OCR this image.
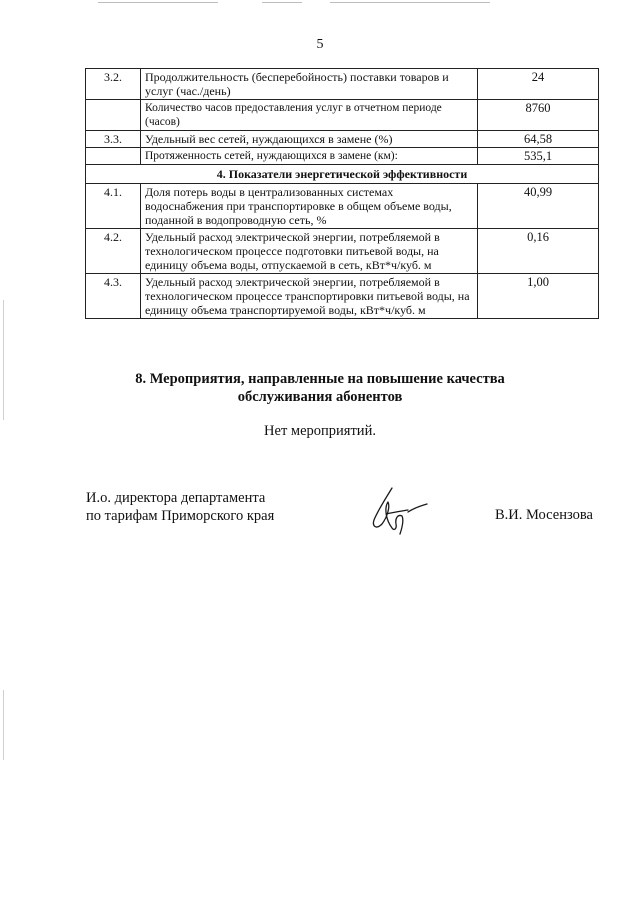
5
3.2.	Продолжительность (бесперебойность) поставки товаров и услуг (час./день)	24
	Количество часов предоставления услуг в отчетном периоде (часов)	8760
3.3.	Удельный вес сетей, нуждающихся в замене (%)	64,58
	Протяженность сетей, нуждающихся в замене (км):	535,1
4. Показатели энергетической эффективности		
4.1.	Доля потерь воды в централизованных системах водоснабжения при транспортировке в общем объеме воды, поданной в водопроводную сеть, %	40,99
4.2.	Удельный расход электрической энергии, потребляемой в технологическом процессе подготовки питьевой воды, на единицу объема воды, отпускаемой в сеть, кВт*ч/куб. м	0,16
4.3.	Удельный расход электрической энергии, потребляемой в технологическом процессе транспортировки питьевой воды, на единицу объема транспортируемой воды, кВт*ч/куб. м	1,00
8. Мероприятия, направленные на повышение качества
обслуживания абонентов
Нет мероприятий.
И.о. директора департамента
по тарифам Приморского края	В.И. Мосензова
